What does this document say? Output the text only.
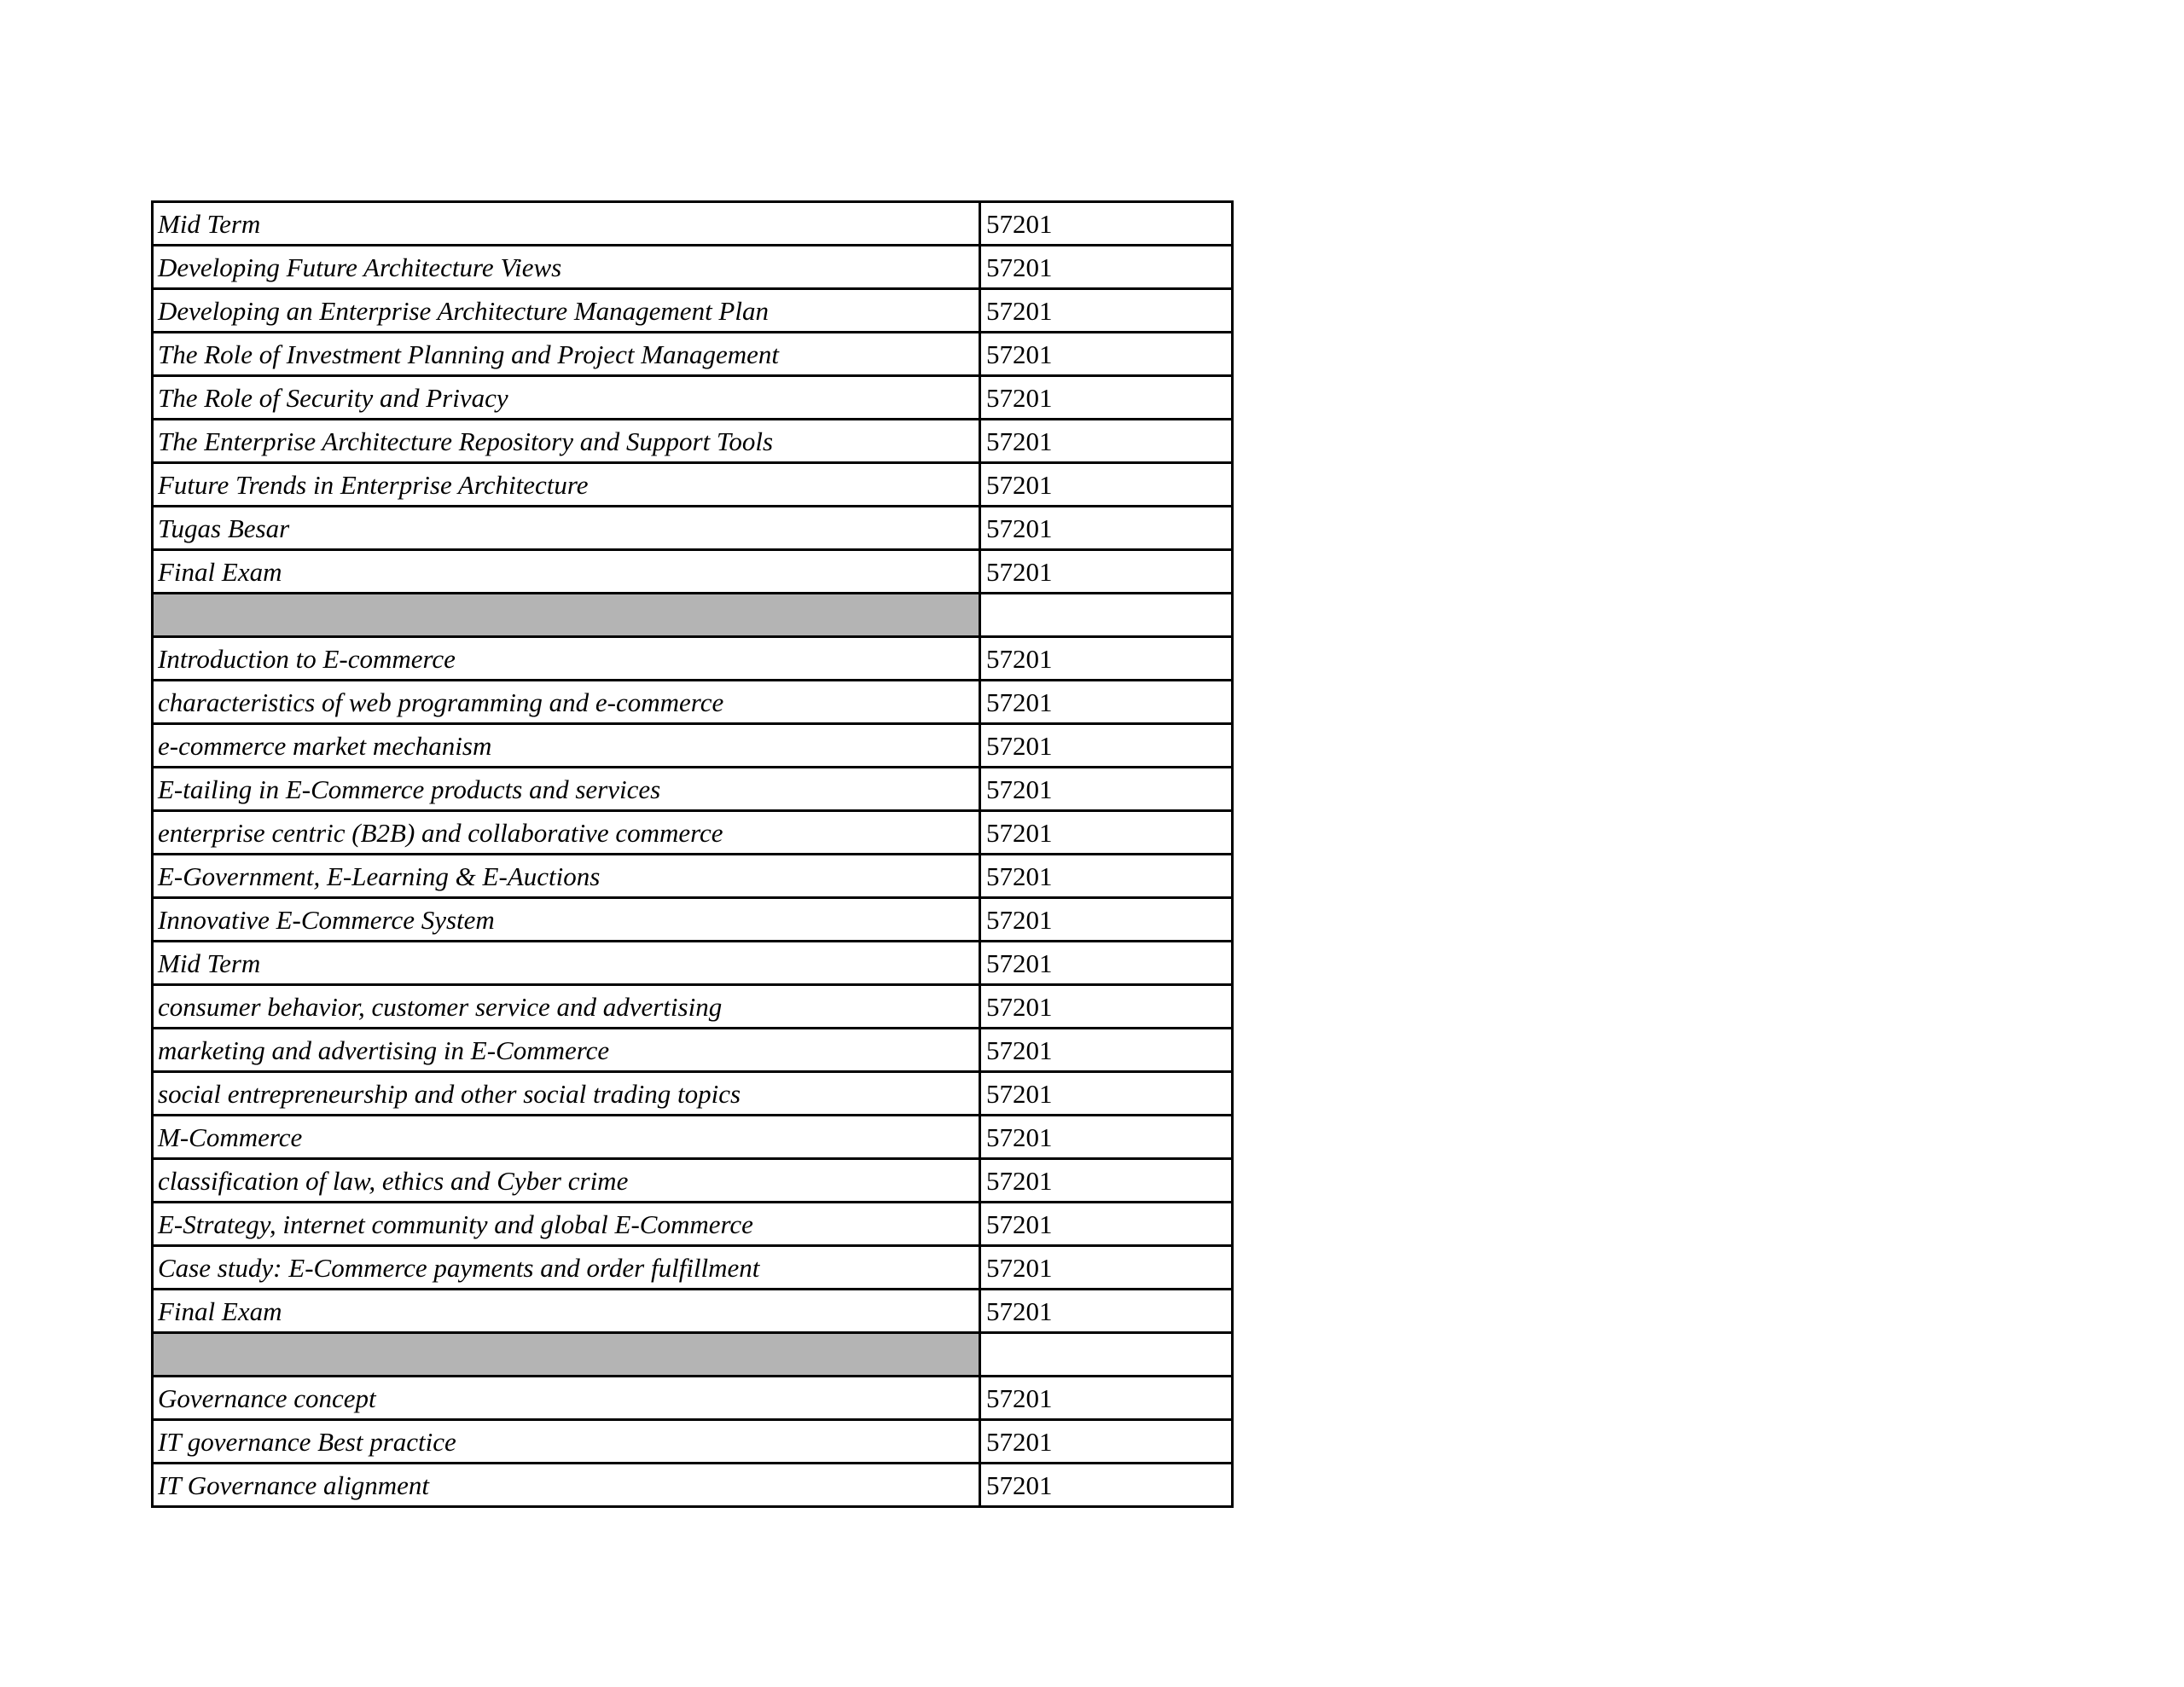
Mid Term	57201
Developing Future Architecture Views	57201
Developing an Enterprise Architecture Management Plan	57201
The Role of Investment Planning and Project Management	57201
The Role of Security and Privacy	57201
The Enterprise Architecture Repository and Support Tools	57201
Future Trends in Enterprise Architecture	57201
Tugas Besar	57201
Final Exam	57201

Introduction to E-commerce	57201
characteristics of web programming and e-commerce	57201
e-commerce market mechanism	57201
E-tailing in E-Commerce products and services	57201
enterprise centric (B2B) and collaborative commerce	57201
E-Government, E-Learning & E-Auctions	57201
Innovative E-Commerce System	57201
Mid Term	57201
consumer behavior, customer service and advertising	57201
marketing and advertising in E-Commerce	57201
social entrepreneurship and other social trading topics	57201
M-Commerce	57201
classification of law, ethics and Cyber crime	57201
E-Strategy, internet community and global E-Commerce	57201
Case study: E-Commerce payments and order fulfillment	57201
Final Exam	57201

Governance concept	57201
IT governance Best practice	57201
IT Governance alignment	57201
